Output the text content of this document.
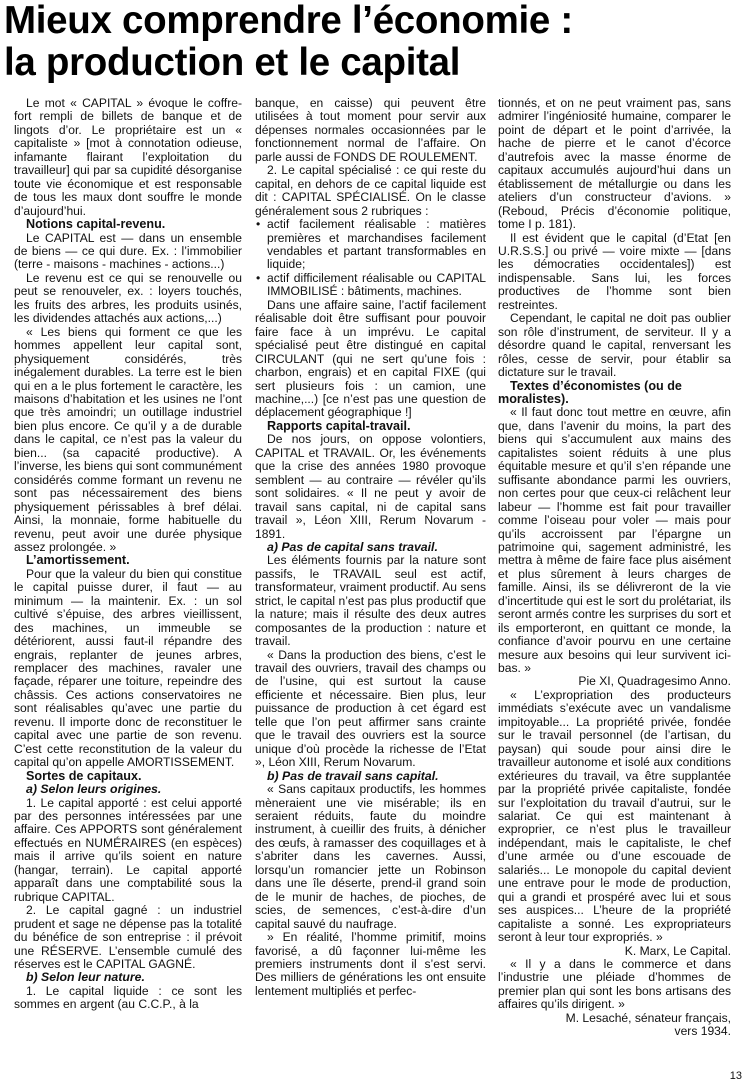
Mieux comprendre l’économie :
la production et le capital

Le mot « CAPITAL » évoque le coffre-fort rempli de billets de banque et de lingots d’or. Le propriétaire est un « capitaliste » [mot à connotation odieuse, infamante flairant l’exploitation du travailleur] qui par sa cupidité désorganise toute vie économique et est responsable de tous les maux dont souffre le monde d’aujourd’hui.

Notions capital-revenu.

Le CAPITAL est — dans un ensemble de biens — ce qui dure. Ex. : l’immobilier (terre - maisons - machines - actions...)

Le revenu est ce qui se renouvelle ou peut se renouveler, ex. : loyers touchés, les fruits des arbres, les produits usinés, les dividendes attachés aux actions,...)

« Les biens qui forment ce que les hommes appellent leur capital sont, physiquement considérés, très inégalement durables. La terre est le bien qui en a le plus fortement le caractère, les maisons d’habitation et les usines ne l’ont que très amoindri; un outillage industriel bien plus encore. Ce qu’il y a de durable dans le capital, ce n’est pas la valeur du bien... (sa capacité productive). A l’inverse, les biens qui sont communément considérés comme formant un revenu ne sont pas nécessairement des biens physiquement périssables à bref délai. Ainsi, la monnaie, forme habituelle du revenu, peut avoir une durée physique assez prolongée. »

L’amortissement.

Pour que la valeur du bien qui constitue le capital puisse durer, il faut — au minimum — la maintenir. Ex. : un sol cultivé s’épuise, des arbres vieillissent, des machines, un immeuble se détériorent, aussi faut-il répandre des engrais, replanter de jeunes arbres, remplacer des machines, ravaler une façade, réparer une toiture, repeindre des châssis. Ces actions conservatoires ne sont réalisables qu’avec une partie du revenu. Il importe donc de reconstituer le capital avec une partie de son revenu. C’est cette reconstitution de la valeur du capital qu’on appelle AMORTISSEMENT.

Sortes de capitaux.
a) Selon leurs origines.

1. Le capital apporté : est celui apporté par des personnes intéressées par une affaire. Ces APPORTS sont généralement effectués en NUMÉRAIRES (en espèces) mais il arrive qu’ils soient en nature (hangar, terrain). Le capital apporté apparaît dans une comptabilité sous la rubrique CAPITAL.

2. Le capital gagné : un industriel prudent et sage ne dépense pas la totalité du bénéfice de son entreprise : il prévoit une RÉSERVE. L’ensemble cumulé des réserves est le CAPITAL GAGNÉ.

b) Selon leur nature.

1. Le capital liquide : ce sont les sommes en argent (au C.C.P., à la

banque, en caisse) qui peuvent être utilisées à tout moment pour servir aux dépenses normales occasionnées par le fonctionnement normal de l’affaire. On parle aussi de FONDS DE ROULEMENT.

2. Le capital spécialisé : ce qui reste du capital, en dehors de ce capital liquide est dit : CAPITAL SPÉCIALISÉ. On le classe généralement sous 2 rubriques :

• actif facilement réalisable : matières premières et marchandises facilement vendables et partant transformables en liquide;
• actif difficilement réalisable ou CAPITAL IMMOBILISÉ : bâtiments, machines.

Dans une affaire saine, l’actif facilement réalisable doit être suffisant pour pouvoir faire face à un imprévu. Le capital spécialisé peut être distingué en capital CIRCULANT (qui ne sert qu’une fois : charbon, engrais) et en capital FIXE (qui sert plusieurs fois : un camion, une machine,...) [ce n’est pas une question de déplacement géographique !]

Rapports capital-travail.

De nos jours, on oppose volontiers, CAPITAL et TRAVAIL. Or, les événements que la crise des années 1980 provoque semblent — au contraire — révéler qu’ils sont solidaires. « Il ne peut y avoir de travail sans capital, ni de capital sans travail », Léon XIII, Rerum Novarum - 1891.

a) Pas de capital sans travail.

Les éléments fournis par la nature sont passifs, le TRAVAIL seul est actif, transformateur, vraiment productif. Au sens strict, le capital n’est pas plus productif que la nature; mais il résulte des deux autres composantes de la production : nature et travail.

« Dans la production des biens, c’est le travail des ouvriers, travail des champs ou de l’usine, qui est surtout la cause efficiente et nécessaire. Bien plus, leur puissance de production à cet égard est telle que l’on peut affirmer sans crainte que le travail des ouvriers est la source unique d’où procède la richesse de l’Etat », Léon XIII, Rerum Novarum.

b) Pas de travail sans capital.

« Sans capitaux productifs, les hommes mèneraient une vie misérable; ils en seraient réduits, faute du moindre instrument, à cueillir des fruits, à dénicher des œufs, à ramasser des coquillages et à s’abriter dans les cavernes. Aussi, lorsqu’un romancier jette un Robinson dans une île déserte, prend-il grand soin de le munir de haches, de pioches, de scies, de semences, c’est-à-dire d’un capital sauvé du naufrage.

» En réalité, l’homme primitif, moins favorisé, a dû façonner lui-même les premiers instruments dont il s’est servi. Des milliers de générations les ont ensuite lentement multipliés et perfec-

tionnés, et on ne peut vraiment pas, sans admirer l’ingéniosité humaine, comparer le point de départ et le point d’arrivée, la hache de pierre et le canot d’écorce d’autrefois avec la masse énorme de capitaux accumulés aujourd’hui dans un établissement de métallurgie ou dans les ateliers d’un constructeur d’avions. » (Reboud, Précis d’économie politique, tome I p. 181).

Il est évident que le capital (d’Etat [en U.R.S.S.] ou privé — voire mixte — [dans les démocraties occidentales]) est indispensable. Sans lui, les forces productives de l’homme sont bien restreintes.

Cependant, le capital ne doit pas oublier son rôle d’instrument, de serviteur. Il y a désordre quand le capital, renversant les rôles, cesse de servir, pour établir sa dictature sur le travail.

Textes d’économistes (ou de moralistes).

« Il faut donc tout mettre en œuvre, afin que, dans l’avenir du moins, la part des biens qui s’accumulent aux mains des capitalistes soient réduits à une plus équitable mesure et qu’il s’en répande une suffisante abondance parmi les ouvriers, non certes pour que ceux-ci relâchent leur labeur — l’homme est fait pour travailler comme l’oiseau pour voler — mais pour qu’ils accroissent par l’épargne un patrimoine qui, sagement administré, les mettra à même de faire face plus aisément et plus sûrement à leurs charges de famille. Ainsi, ils se délivreront de la vie d’incertitude qui est le sort du prolétariat, ils seront armés contre les surprises du sort et ils emporteront, en quittant ce monde, la confiance d’avoir pourvu en une certaine mesure aux besoins qui leur survivent ici-bas. »

Pie XI, Quadragesimo Anno.

« L’expropriation des producteurs immédiats s’exécute avec un vandalisme impitoyable... La propriété privée, fondée sur le travail personnel (de l’artisan, du paysan) qui soude pour ainsi dire le travailleur autonome et isolé aux conditions extérieures du travail, va être supplantée par la propriété privée capitaliste, fondée sur l’exploitation du travail d’autrui, sur le salariat. Ce qui est maintenant à exproprier, ce n’est plus le travailleur indépendant, mais le capitaliste, le chef d’une armée ou d’une escouade de salariés... Le monopole du capital devient une entrave pour le mode de production, qui a grandi et prospéré avec lui et sous ses auspices... L’heure de la propriété capitaliste a sonné. Les expropriateurs seront à leur tour expropriés. »

K. Marx, Le Capital.

« Il y a dans le commerce et dans l’industrie une pléiade d’hommes de premier plan qui sont les bons artisans des affaires qu’ils dirigent. »

M. Lesaché, sénateur français,

vers 1934.

13
